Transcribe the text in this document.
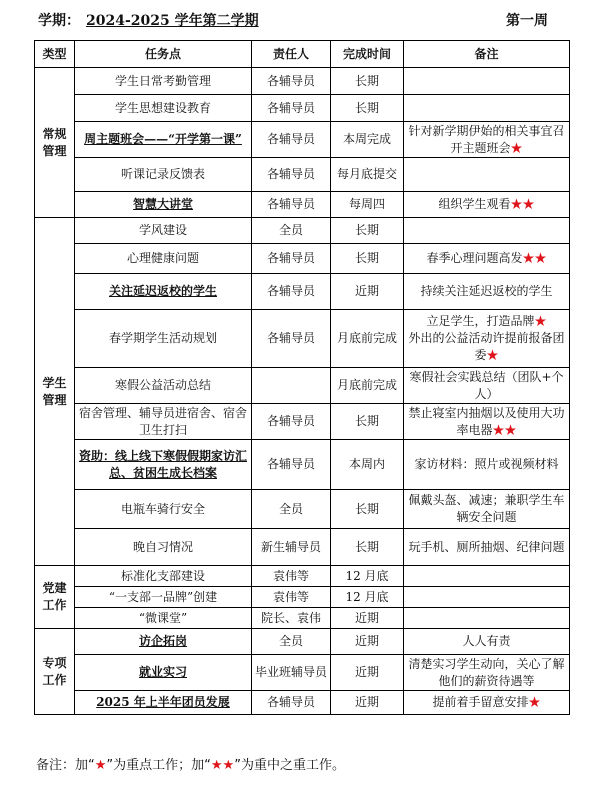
学期： 2024-2025 学年第二学期	第一周
类型	任务点	责任人	完成时间	备注
常规管理	学生日常考勤管理	各辅导员	长期	
	学生思想建设教育	各辅导员	长期	
	周主题班会——“开学第一课”	各辅导员	本周完成	针对新学期伊始的相关事宜召开主题班会★
	听课记录反馈表	各辅导员	每月底提交	
	智慧大讲堂	各辅导员	每周四	组织学生观看★★
学生管理	学风建设	全员	长期	
	心理健康问题	各辅导员	长期	春季心理问题高发★★
	关注延迟返校的学生	各辅导员	近期	持续关注延迟返校的学生
	春学期学生活动规划	各辅导员	月底前完成	立足学生，打造品牌★
外出的公益活动许提前报备团委★
	寒假公益活动总结		月底前完成	寒假社会实践总结（团队+个人）
	宿舍管理、辅导员进宿舍、宿舍卫生打扫	各辅导员	长期	禁止寝室内抽烟以及使用大功率电器★★
	资助：线上线下寒假假期家访汇总、贫困生成长档案	各辅导员	本周内	家访材料：照片或视频材料
	电瓶车骑行安全	全员	长期	佩戴头盔、减速；兼职学生车辆安全问题
	晚自习情况	新生辅导员	长期	玩手机、厕所抽烟、纪律问题
党建工作	标准化支部建设	袁伟等	12 月底	
	“一支部一品牌”创建	袁伟等	12 月底	
	“微课堂”	院长、袁伟	近期	
专项工作	访企拓岗	全员	近期	人人有责
	就业实习	毕业班辅导员	近期	清楚实习学生动向，关心了解他们的薪资待遇等
	2025 年上半年团员发展	各辅导员	近期	提前着手留意安排★
备注：加“★”为重点工作；加“★★”为重中之重工作。
